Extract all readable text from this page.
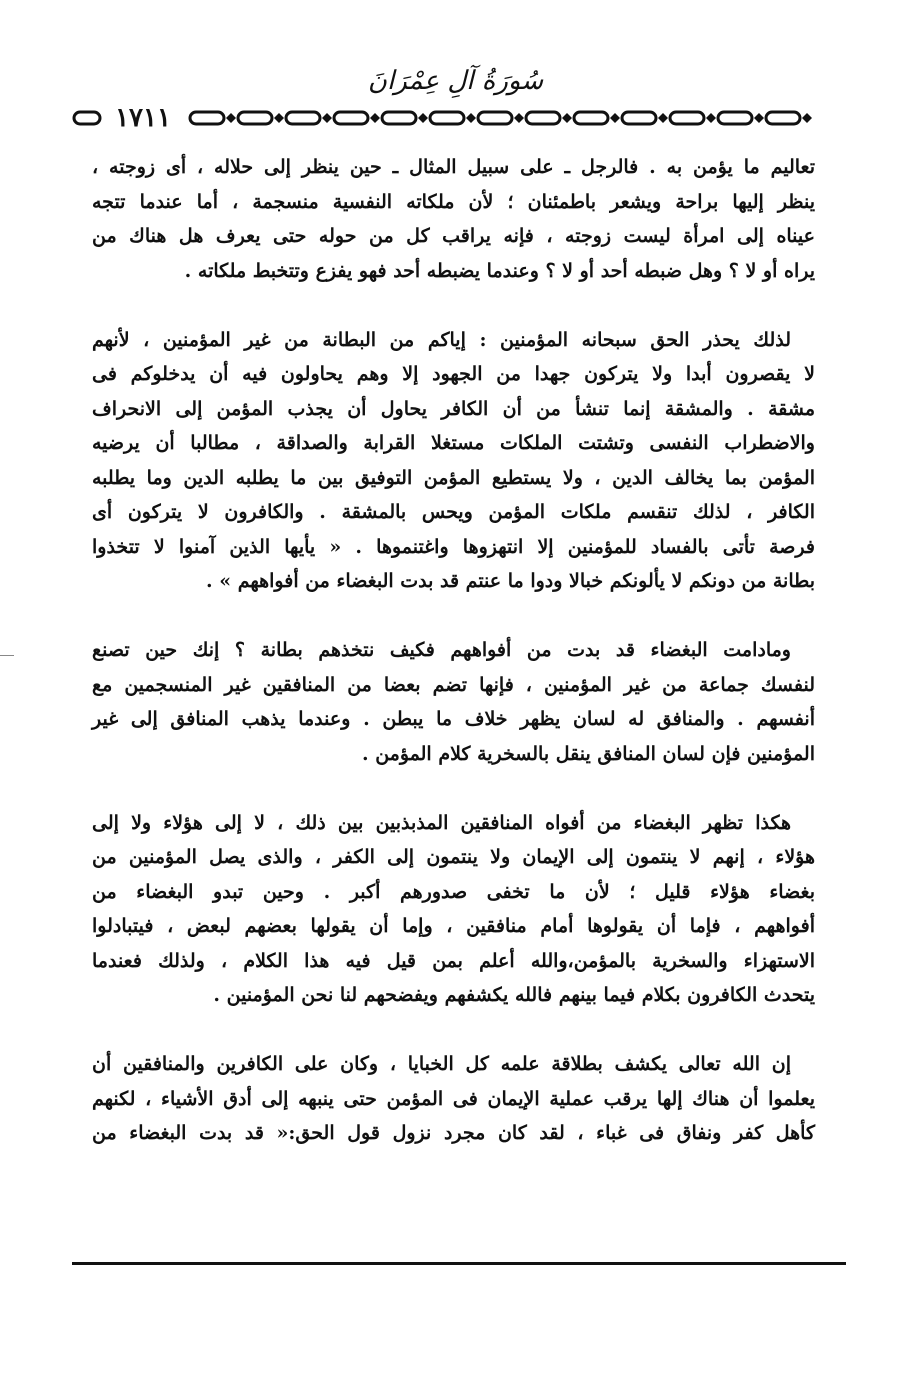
سُورَةُ آلِ عِمْرَانَ
١٧١١
تعاليم ما يؤمن به . فالرجل ـ على سبيل المثال ـ حين ينظر إلى حلاله ، أى زوجته ،
ينظر إليها براحة ويشعر باطمئنان ؛ لأن ملكاته النفسية منسجمة ، أما عندما تتجه
عيناه إلى امرأة ليست زوجته ، فإنه يراقب كل من حوله حتى يعرف هل هناك من
يراه أو لا ؟ وهل ضبطه أحد أو لا ؟ وعندما يضبطه أحد فهو يفزع وتتخبط ملكاته .
لذلك يحذر الحق سبحانه المؤمنين : إياكم من البطانة من غير المؤمنين ، لأنهم
لا يقصرون أبدا ولا يتركون جهدا من الجهود إلا وهم يحاولون فيه أن يدخلوكم فى
مشقة . والمشقة إنما تنشأ من أن الكافر يحاول أن يجذب المؤمن إلى الانحراف
والاضطراب النفسى وتشتت الملكات مستغلا القرابة والصداقة ، مطالبا أن يرضيه
المؤمن بما يخالف الدين ، ولا يستطيع المؤمن التوفيق بين ما يطلبه الدين وما يطلبه
الكافر ، لذلك تنقسم ملكات المؤمن ويحس بالمشقة . والكافرون لا يتركون أى
فرصة تأتى بالفساد للمؤمنين إلا انتهزوها واغتنموها . « يأيها الذين آمنوا لا تتخذوا
بطانة من دونكم لا يألونكم خبالا ودوا ما عنتم قد بدت البغضاء من أفواههم » .
ومادامت البغضاء قد بدت من أفواههم فكيف نتخذهم بطانة ؟ إنك حين تصنع
لنفسك جماعة من غير المؤمنين ، فإنها تضم بعضا من المنافقين غير المنسجمين مع
أنفسهم . والمنافق له لسان يظهر خلاف ما يبطن . وعندما يذهب المنافق إلى غير
المؤمنين فإن لسان المنافق ينقل بالسخرية كلام المؤمن .
هكذا تظهر البغضاء من أفواه المنافقين المذبذبين بين ذلك ، لا إلى هؤلاء ولا إلى
هؤلاء ، إنهم لا ينتمون إلى الإيمان ولا ينتمون إلى الكفر ، والذى يصل المؤمنين من
بغضاء هؤلاء قليل ؛ لأن ما تخفى صدورهم أكبر . وحين تبدو البغضاء من
أفواههم ، فإما أن يقولوها أمام منافقين ، وإما أن يقولها بعضهم لبعض ، فيتبادلوا
الاستهزاء والسخرية بالمؤمن،والله أعلم بمن قيل فيه هذا الكلام ، ولذلك فعندما
يتحدث الكافرون بكلام فيما بينهم فالله يكشفهم ويفضحهم لنا نحن المؤمنين .
إن الله تعالى يكشف بطلاقة علمه كل الخبايا ، وكان على الكافرين والمنافقين أن
يعلموا أن هناك إلها يرقب عملية الإيمان فى المؤمن حتى ينبهه إلى أدق الأشياء ، لكنهم
كأهل كفر ونفاق فى غباء ، لقد كان مجرد نزول قول الحق:« قد بدت البغضاء من
